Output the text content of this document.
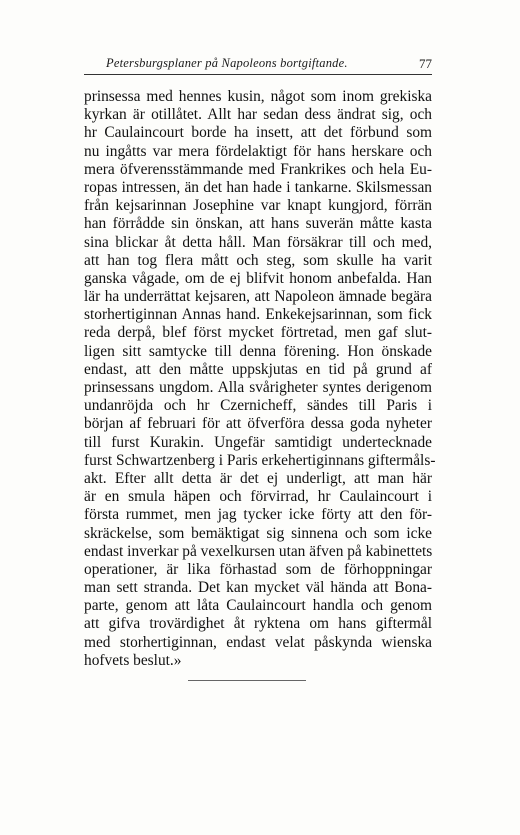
Petersburgsplaner på Napoleons bortgiftande.	77
prinsessa med hennes kusin, något som inom grekiska
kyrkan är otillåtet. Allt har sedan dess ändrat sig, och
hr Caulaincourt borde ha insett, att det förbund som
nu ingåtts var mera fördelaktigt för hans herskare och
mera öfverensstämmande med Frankrikes och hela Eu-
ropas intressen, än det han hade i tankarne. Skilsmessan
från kejsarinnan Josephine var knapt kungjord, förrän
han förrådde sin önskan, att hans suverän måtte kasta
sina blickar åt detta håll. Man försäkrar till och med,
att han tog flera mått och steg, som skulle ha varit
ganska vågade, om de ej blifvit honom anbefalda. Han
lär ha underrättat kejsaren, att Napoleon ämnade begära
storhertiginnan Annas hand. Enkekejsarinnan, som fick
reda derpå, blef först mycket förtretad, men gaf slut-
ligen sitt samtycke till denna förening. Hon önskade
endast, att den måtte uppskjutas en tid på grund af
prinsessans ungdom. Alla svårigheter syntes derigenom
undanröjda och hr Czernicheff, sändes till Paris i
början af februari för att öfverföra dessa goda nyheter
till furst Kurakin. Ungefär samtidigt undertecknade
furst Schwartzenberg i Paris erkehertiginnans giftermåls-
akt. Efter allt detta är det ej underligt, att man här
är en smula häpen och förvirrad, hr Caulaincourt i
första rummet, men jag tycker icke förty att den för-
skräckelse, som bemäktigat sig sinnena och som icke
endast inverkar på vexelkursen utan äfven på kabinettets
operationer, är lika förhastad som de förhoppningar
man sett stranda. Det kan mycket väl hända att Bona-
parte, genom att låta Caulaincourt handla och genom
att gifva trovärdighet åt ryktena om hans giftermål
med storhertiginnan, endast velat påskynda wienska
hofvets beslut.»
